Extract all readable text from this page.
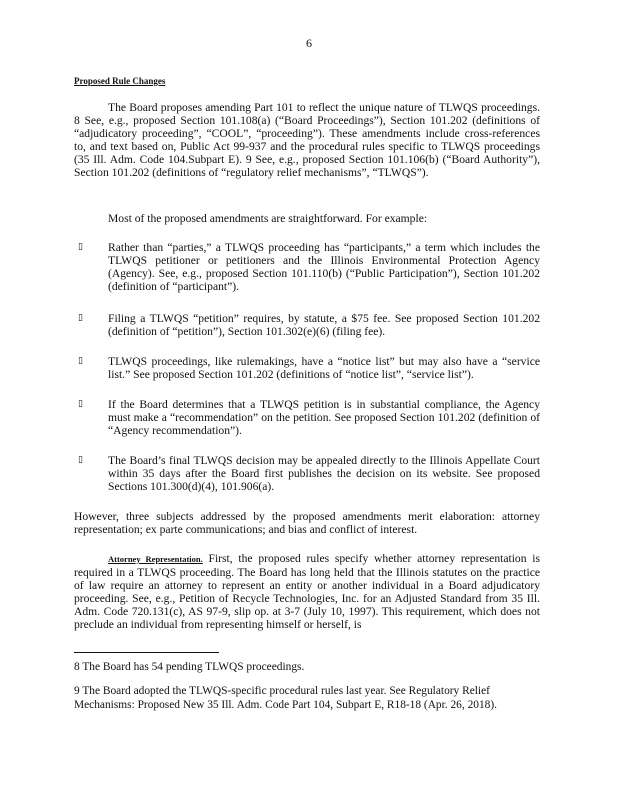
6
Proposed Rule Changes
The Board proposes amending Part 101 to reflect the unique nature of TLWQS proceedings. 8 See, e.g., proposed Section 101.108(a) (“Board Proceedings”), Section 101.202 (definitions of “adjudicatory proceeding”, “COOL”, “proceeding”). These amendments include cross-references to, and text based on, Public Act 99-937 and the procedural rules specific to TLWQS proceedings (35 Ill. Adm. Code 104.Subpart E). 9 See, e.g., proposed Section 101.106(b) (“Board Authority”), Section 101.202 (definitions of “regulatory relief mechanisms”, “TLWQS”).
Most of the proposed amendments are straightforward. For example:
▯	Rather than “parties,” a TLWQS proceeding has “participants,” a term which includes the TLWQS petitioner or petitioners and the Illinois Environmental Protection Agency (Agency). See, e.g., proposed Section 101.110(b) (“Public Participation”), Section 101.202 (definition of “participant”).
▯	Filing a TLWQS “petition” requires, by statute, a $75 fee. See proposed Section 101.202 (definition of “petition”), Section 101.302(e)(6) (filing fee).
▯	TLWQS proceedings, like rulemakings, have a “notice list” but may also have a “service list.” See proposed Section 101.202 (definitions of “notice list”, “service list”).
▯	If the Board determines that a TLWQS petition is in substantial compliance, the Agency must make a “recommendation” on the petition. See proposed Section 101.202 (definition of “Agency recommendation”).
▯	The Board’s final TLWQS decision may be appealed directly to the Illinois Appellate Court within 35 days after the Board first publishes the decision on its website. See proposed Sections 101.300(d)(4), 101.906(a).
However, three subjects addressed by the proposed amendments merit elaboration: attorney representation; ex parte communications; and bias and conflict of interest.
Attorney Representation. First, the proposed rules specify whether attorney representation is required in a TLWQS proceeding. The Board has long held that the Illinois statutes on the practice of law require an attorney to represent an entity or another individual in a Board adjudicatory proceeding. See, e.g., Petition of Recycle Technologies, Inc. for an Adjusted Standard from 35 Ill. Adm. Code 720.131(c), AS 97-9, slip op. at 3-7 (July 10, 1997). This requirement, which does not preclude an individual from representing himself or herself, is
8 The Board has 54 pending TLWQS proceedings.
9 The Board adopted the TLWQS-specific procedural rules last year. See Regulatory Relief Mechanisms: Proposed New 35 Ill. Adm. Code Part 104, Subpart E, R18-18 (Apr. 26, 2018).
